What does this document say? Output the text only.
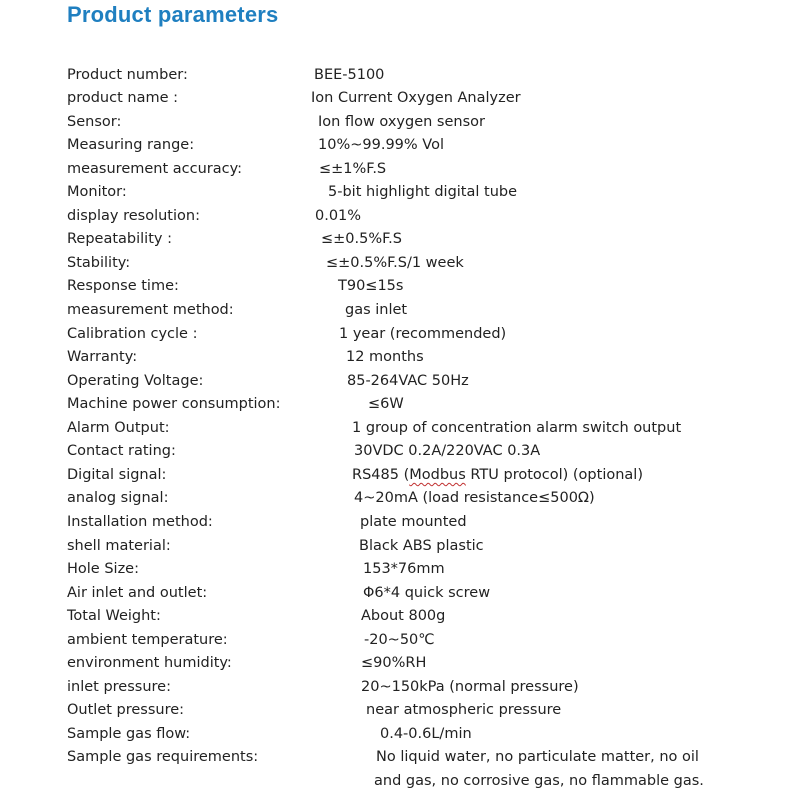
Product parameters
Product number:	BEE-5100
product name :	Ion Current Oxygen Analyzer
Sensor:	Ion flow oxygen sensor
Measuring range:	10%~99.99% Vol
measurement accuracy:	≤±1%F.S
Monitor:	5-bit highlight digital tube
display resolution:	0.01%
Repeatability :	≤±0.5%F.S
Stability:	≤±0.5%F.S/1 week
Response time:	T90≤15s
measurement method:	gas inlet
Calibration cycle :	1 year (recommended)
Warranty:	12 months
Operating Voltage:	85-264VAC 50Hz
Machine power consumption:	≤6W
Alarm Output:	1 group of concentration alarm switch output
Contact rating:	30VDC 0.2A/220VAC 0.3A
Digital signal:	RS485 (Modbus RTU protocol) (optional)
analog signal:	4~20mA (load resistance≤500Ω)
Installation method:	plate mounted
shell material:	Black ABS plastic
Hole Size:	153*76mm
Air inlet and outlet:	Φ6*4 quick screw
Total Weight:	About 800g
ambient temperature:	-20~50℃
environment humidity:	≤90%RH
inlet pressure:	20~150kPa (normal pressure)
Outlet pressure:	near atmospheric pressure
Sample gas flow:	0.4-0.6L/min
Sample gas requirements:	No liquid water, no particulate matter, no oil
and gas, no corrosive gas, no flammable gas.
